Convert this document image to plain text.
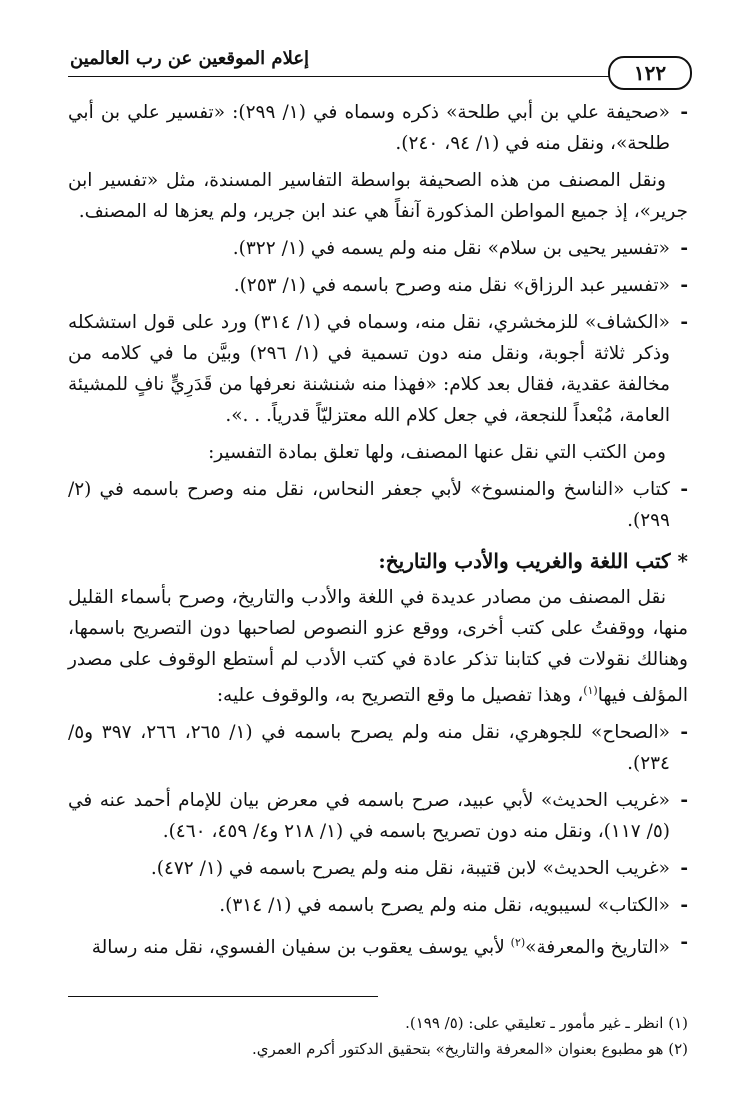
١٢٢
إعلام الموقعين عن رب العالمين
- «صحيفة علي بن أبي طلحة» ذكره وسماه في (١/ ٢٩٩): «تفسير علي بن أبي طلحة»، ونقل منه في (١/ ٩٤، ٢٤٠).

ونقل المصنف من هذه الصحيفة بواسطة التفاسير المسندة، مثل «تفسير ابن جرير»، إذ جميع المواطن المذكورة آنفاً هي عند ابن جرير، ولم يعزها له المصنف.

- «تفسير يحيى بن سلام» نقل منه ولم يسمه في (١/ ٣٢٢).
- «تفسير عبد الرزاق» نقل منه وصرح باسمه في (١/ ٢٥٣).
- «الكشاف» للزمخشري، نقل منه، وسماه في (١/ ٣١٤) ورد على قول استشكله وذكر ثلاثة أجوبة، ونقل منه دون تسمية في (١/ ٢٩٦) وبيَّن ما في كلامه من مخالفة عقدية، فقال بعد كلام: «فهذا منه شنشنة نعرفها من قَدَرِيٍّ نافٍ للمشيئة العامة، مُبْعداً للنجعة، في جعل كلام الله معتزليّاً قدرياً. . .».

ومن الكتب التي نقل عنها المصنف، ولها تعلق بمادة التفسير:

- كتاب «الناسخ والمنسوخ» لأبي جعفر النحاس، نقل منه وصرح باسمه في (٢/ ٢٩٩).
* كتب اللغة والغريب والأدب والتاريخ:

نقل المصنف من مصادر عديدة في اللغة والأدب والتاريخ، وصرح بأسماء القليل منها، ووقفتُ على كتب أخرى، ووقع عزو النصوص لصاحبها دون التصريح باسمها، وهنالك نقولات في كتابنا تذكر عادة في كتب الأدب لم أستطع الوقوف على مصدر المؤلف فيها$^{(١)}$، وهذا تفصيل ما وقع التصريح به، والوقوف عليه:

- «الصحاح» للجوهري، نقل منه ولم يصرح باسمه في (١/ ٢٦٥، ٢٦٦، ٣٩٧ و٥/ ٢٣٤).
- «غريب الحديث» لأبي عبيد، صرح باسمه في معرض بيان للإمام أحمد عنه في (٥/ ١١٧)، ونقل منه دون تصريح باسمه في (١/ ٢١٨ و٤/ ٤٥٩، ٤٦٠).
- «غريب الحديث» لابن قتيبة، نقل منه ولم يصرح باسمه في (١/ ٤٧٢).
- «الكتاب» لسيبويه، نقل منه ولم يصرح باسمه في (١/ ٣١٤).
- «التاريخ والمعرفة»$^{(٢)}$ لأبي يوسف يعقوب بن سفيان الفسوي، نقل منه رسالة

(١) انظر ـ غير مأمور ـ تعليقي على: (٥/ ١٩٩).

(٢) هو مطبوع بعنوان «المعرفة والتاريخ» بتحقيق الدكتور أكرم العمري.
